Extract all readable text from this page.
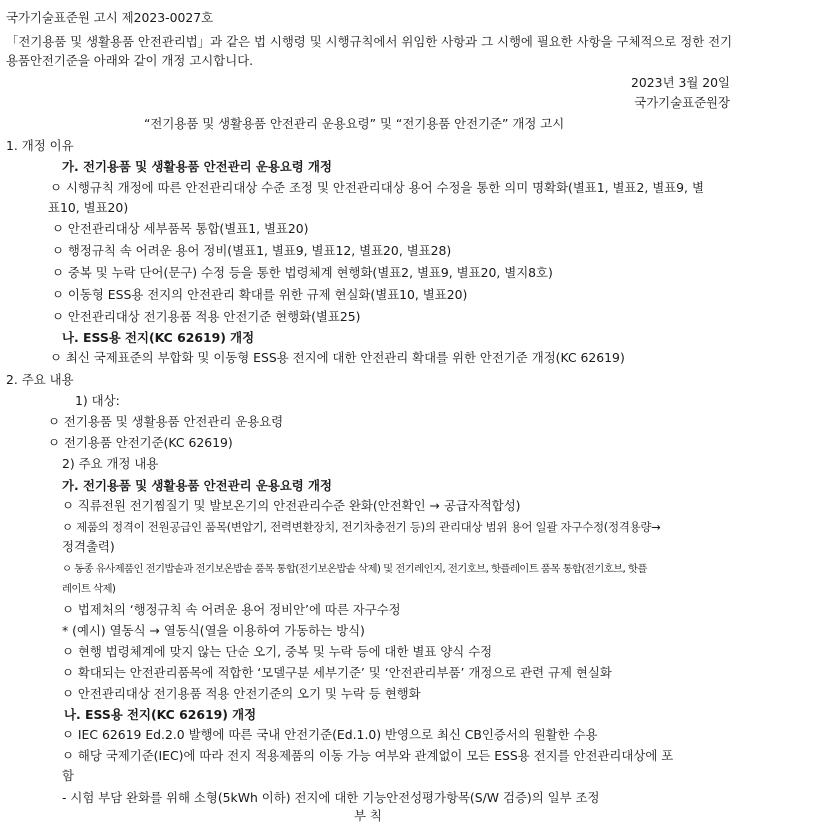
국가기술표준원 고시 제2023-0027호
「전기용품 및 생활용품 안전관리법」과 같은 법 시행령 및 시행규칙에서 위임한 사항과 그 시행에 필요한 사항을 구체적으로 정한 전기
용품안전기준을 아래와 같이 개정 고시합니다.
2023년 3월 20일
국가기술표준원장
“전기용품 및 생활용품 안전관리 운용요령” 및 “전기용품 안전기준” 개정 고시
1. 개정 이유
가. 전기용품 및 생활용품 안전관리 운용요령 개정
ㅇ 시행규칙 개정에 따른 안전관리대상 수준 조정 및 안전관리대상 용어 수정을 통한 의미 명확화(별표1, 별표2, 별표9, 별
표10, 별표20)
ㅇ 안전관리대상 세부품목 통합(별표1, 별표20)
ㅇ 행정규칙 속 어려운 용어 정비(별표1, 별표9, 별표12, 별표20, 별표28)
ㅇ 중복 및 누락 단어(문구) 수정 등을 통한 법령체계 현행화(별표2, 별표9, 별표20, 별지8호)
ㅇ 이동형 ESS용 전지의 안전관리 확대를 위한 규제 현실화(별표10, 별표20)
ㅇ 안전관리대상 전기용품 적용 안전기준 현행화(별표25)
나. ESS용 전지(KC 62619) 개정
ㅇ 최신 국제표준의 부합화 및 이동형 ESS용 전지에 대한 안전관리 확대를 위한 안전기준 개정(KC 62619)
2. 주요 내용
1) 대상:
ㅇ 전기용품 및 생활용품 안전관리 운용요령
ㅇ 전기용품 안전기준(KC 62619)
2) 주요 개정 내용
가. 전기용품 및 생활용품 안전관리 운용요령 개정
ㅇ 직류전원 전기찜질기 및 발보온기의 안전관리수준 완화(안전확인 → 공급자적합성)
ㅇ 제품의 정격이 전원공급인 품목(변압기, 전력변환장치, 전기차충전기 등)의 관리대상 범위 용어 일괄 자구수정(정격용량→
정격출력)
ㅇ 동종 유사제품인 전기밥솥과 전기보온밥솥 품목 통합(전기보온밥솥 삭제) 및 전기레인지, 전기호브, 핫플레이트 품목 통합(전기호브, 핫플
레이트 삭제)
ㅇ 법제처의 ‘행정규칙 속 어려운 용어 정비안’에 따른 자구수정
* (예시) 열동식 → 열동식(열을 이용하여 가동하는 방식)
ㅇ 현행 법령체계에 맞지 않는 단순 오기, 중복 및 누락 등에 대한 별표 양식 수정
ㅇ 확대되는 안전관리품목에 적합한 ‘모델구분 세부기준’ 및 ‘안전관리부품’ 개정으로 관련 규제 현실화
ㅇ 안전관리대상 전기용품 적용 안전기준의 오기 및 누락 등 현행화
나. ESS용 전지(KC 62619) 개정
ㅇ IEC 62619 Ed.2.0 발행에 따른 국내 안전기준(Ed.1.0) 반영으로 최신 CB인증서의 원활한 수용
ㅇ 해당 국제기준(IEC)에 따라 전지 적용제품의 이동 가능 여부와 관계없이 모든 ESS용 전지를 안전관리대상에 포
함
- 시험 부담 완화를 위해 소형(5kWh 이하) 전지에 대한 기능안전성평가항목(S/W 검증)의 일부 조정
부 칙
